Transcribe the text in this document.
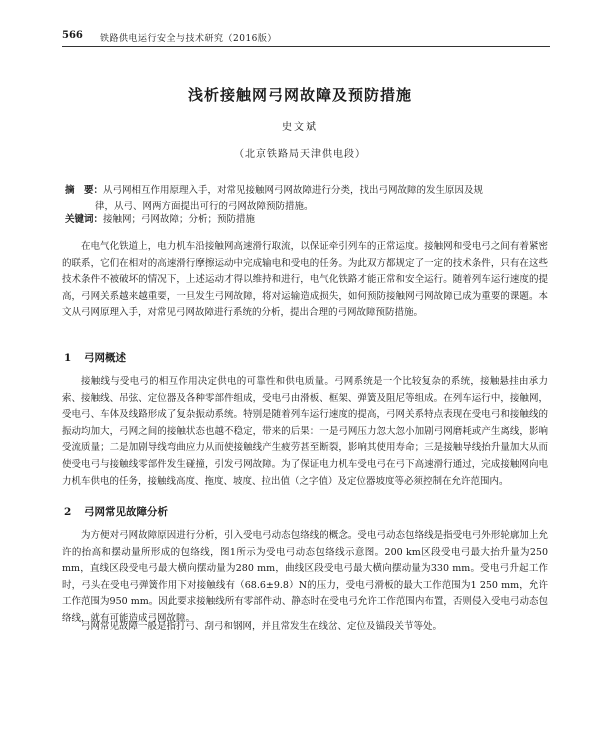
566 铁路供电运行安全与技术研究（2016版）
浅析接触网弓网故障及预防措施
史文斌
（北京铁路局天津供电段）
摘　要：从弓网相互作用原理入手，对常见接触网弓网故障进行分类，找出弓网故障的发生原因及规
律，从弓、网两方面提出可行的弓网故障预防措施。
关键词：接触网；弓网故障；分析；预防措施
在电气化铁道上，电力机车沿接触网高速滑行取流，以保证牵引列车的正常运度。接触网和受电弓之间有着紧密的联系，它们在相对的高速滑行摩擦运动中完成输电和受电的任务。为此双方都规定了一定的技术条件，只有在这些技术条件不被破坏的情况下，上述运动才得以维持和进行，电气化铁路才能正常和安全运行。随着列车运行速度的提高，弓网关系越来越重要，一旦发生弓网故障，将对运输造成损失，如何预防接触网弓网故障已成为重要的课题。本文从弓网原理入手，对常见弓网故障进行系统的分析，提出合理的弓网故障预防措施。
1 弓网概述
接触线与受电弓的相互作用决定供电的可靠性和供电质量。弓网系统是一个比较复杂的系统，接触悬挂由承力索、接触线、吊弦、定位器及各种零部件组成，受电弓由滑板、框架、弹簧及阻尼等组成。在列车运行中，接触网，受电弓、车体及线路形成了复杂振动系统。特别是随着列车运行速度的提高，弓网关系特点表现在受电弓和接触线的振动均加大，弓网之间的接触状态也越不稳定，带来的后果：一是弓网压力忽大忽小加剧弓网磨耗或产生离线，影响受流质量；二是加剧导线弯曲应力从而使接触线产生疲劳甚至断裂，影响其使用寿命；三是接触导线抬升量加大从而使受电弓与接触线零部件发生碰撞，引发弓网故障。为了保证电力机车受电弓在弓下高速滑行通过，完成接触网向电力机车供电的任务，接触线高度、拖度、坡度、拉出值（之字值）及定位器坡度等必须控制在允许范围内。
2 弓网常见故障分析
为方便对弓网故障原因进行分析，引入受电弓动态包络线的概念。受电弓动态包络线是指受电弓外形轮廓加上允许的抬高和摆动量所形成的包络线，图1所示为受电弓动态包络线示意图。200 km区段受电弓最大抬升量为250 mm，直线区段受电弓最大横向摆动量为280 mm，曲线区段受电弓最大横向摆动量为330 mm。受电弓升起工作时，弓头在受电弓弹簧作用下对接触线有（68.6±9.8）N的压力，受电弓滑板的最大工作范围为1 250 mm，允许工作范围为950 mm。因此要求接触线所有零部件动、静态时在受电弓允许工作范围内布置，否则侵入受电弓动态包络线，就有可能造成弓网故障。
弓网常见故障一般是指打弓、刮弓和钢网，并且常发生在线岔、定位及锚段关节等处。
